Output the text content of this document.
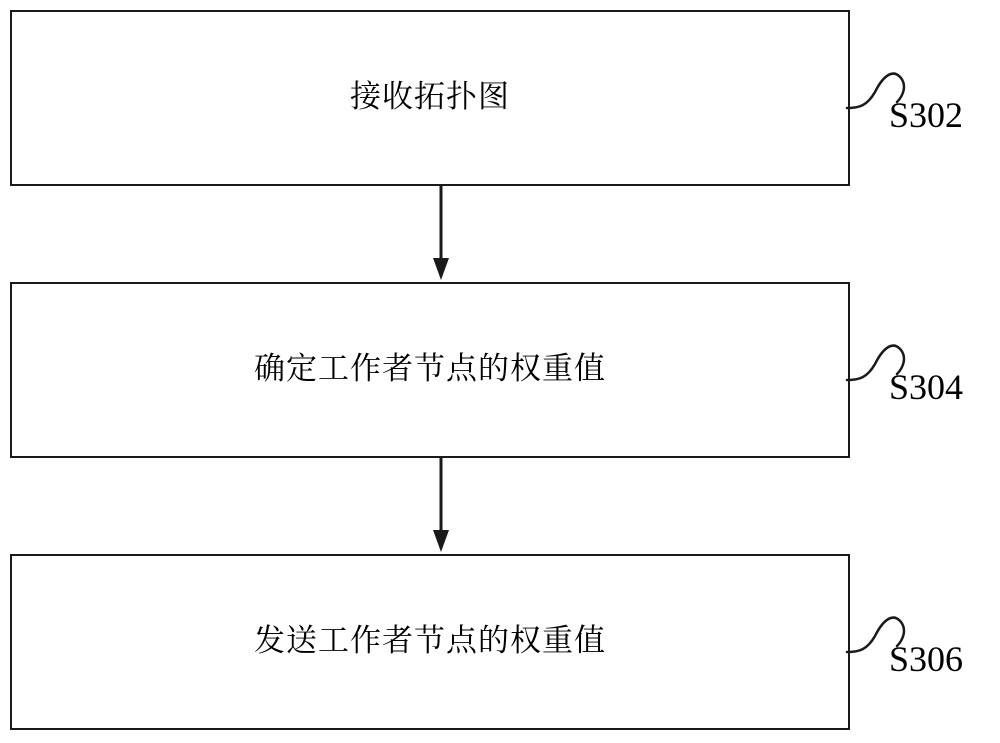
接收拓扑图
确定工作者节点的权重值
发送工作者节点的权重值
S302
S304
S306
